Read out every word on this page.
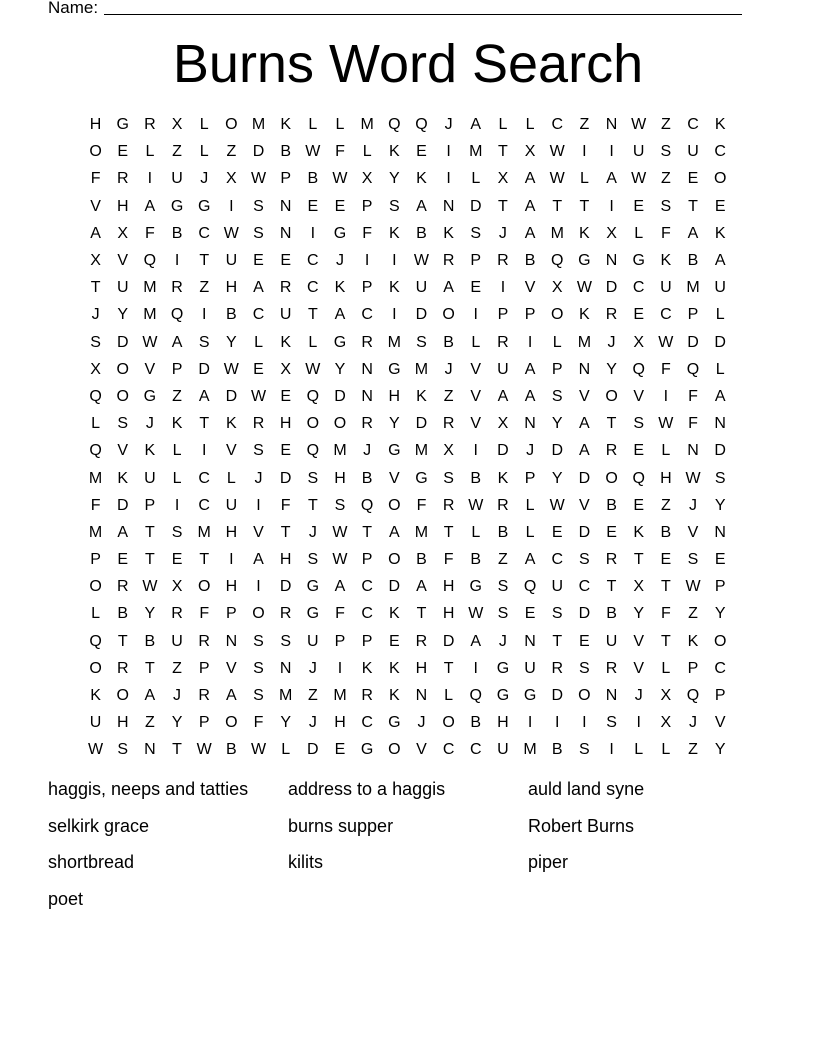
Name:
Burns Word Search
H G R	X	L	O M K	L	L	M Q Q	J	A	L	L	C	Z	N W Z	C	K
O E	L	Z	L	Z	D	B W F	L	K	E	I	M T	X W	I	I	U	S	U C
F	R	I	U	J	X W P	B W X	Y	K	I	L	X	A W L	A W Z	E O
V	H	A G G	I	S	N	E	E	P	S	A	N D	T	A	T	T	I	E	S	T	E
A	X	F	B	C W S	N	I	G	F	K	B	K	S	J	A M K	X	L	F	A	K
X	V Q	I	T	U	E	E	C	J	I	I	W R	P	R	B Q G N G K	B	A
T	U M R	Z	H	A	R C	K	P	K	U	A	E	I	V	X W D C U M U
J	Y M Q	I	B	C U	T	A	C	I	D O	I	P	P O K	R	E	C	P	L
S	D W A	S	Y	L	K	L	G R M S	B	L	R	I	L	M	J	X W D D
X O V	P	D W E	X W Y	N G M	J	V	U	A	P	N	Y Q	F	Q	L
Q O G	Z	A	D W E Q D N H	K	Z	V	A	A	S	V O V	I	F	A
L	S	J	K	T	K	R H O O R	Y	D R	V	X	N	Y	A	T	S W F	N
Q V	K	L	I	V	S	E Q M	J	G M X	I	D	J	D	A	R	E	L	N D
M K	U	L	C	L	J	D	S	H	B	V G S	B	K	P	Y	D O Q H W S
F	D	P	I	C U	I	F	T	S Q O	F	R W R	L W V	B	E	Z	J	Y
M A	T	S M H	V	T	J W T	A M T	L	B	L	E	D	E	K	B	V	N
P	E	T	E	T	I	A	H	S W P O B	F	B	Z	A	C	S	R	T	E	S	E
O R W X O H	I	D G A	C D	A	H G S Q U C	T	X	T W P
L	B	Y	R	F	P O R G	F	C	K	T	H W S	E	S	D	B	Y	F	Z	Y
Q	T	B	U R N	S	S	U	P	P	E	R D	A	J	N	T	E	U	V	T	K O
O R	T	Z	P	V	S	N	J	I	K	K	H	T	I	G U R	S	R	V	L	P	C
K O A	J	R	A	S M Z M R	K	N	L	Q G G D O N	J	X Q P
U H	Z	Y	P O	F	Y	J	H C G	J	O B	H	I	I	I	S	I	X	J	V
W S	N	T W B W L	D	E G O V	C C U M B	S	I	L	L	Z	Y
haggis, neeps and tatties	address to a haggis	auld land syne
selkirk grace	burns supper	Robert Burns
shortbread	kilits	piper
poet
